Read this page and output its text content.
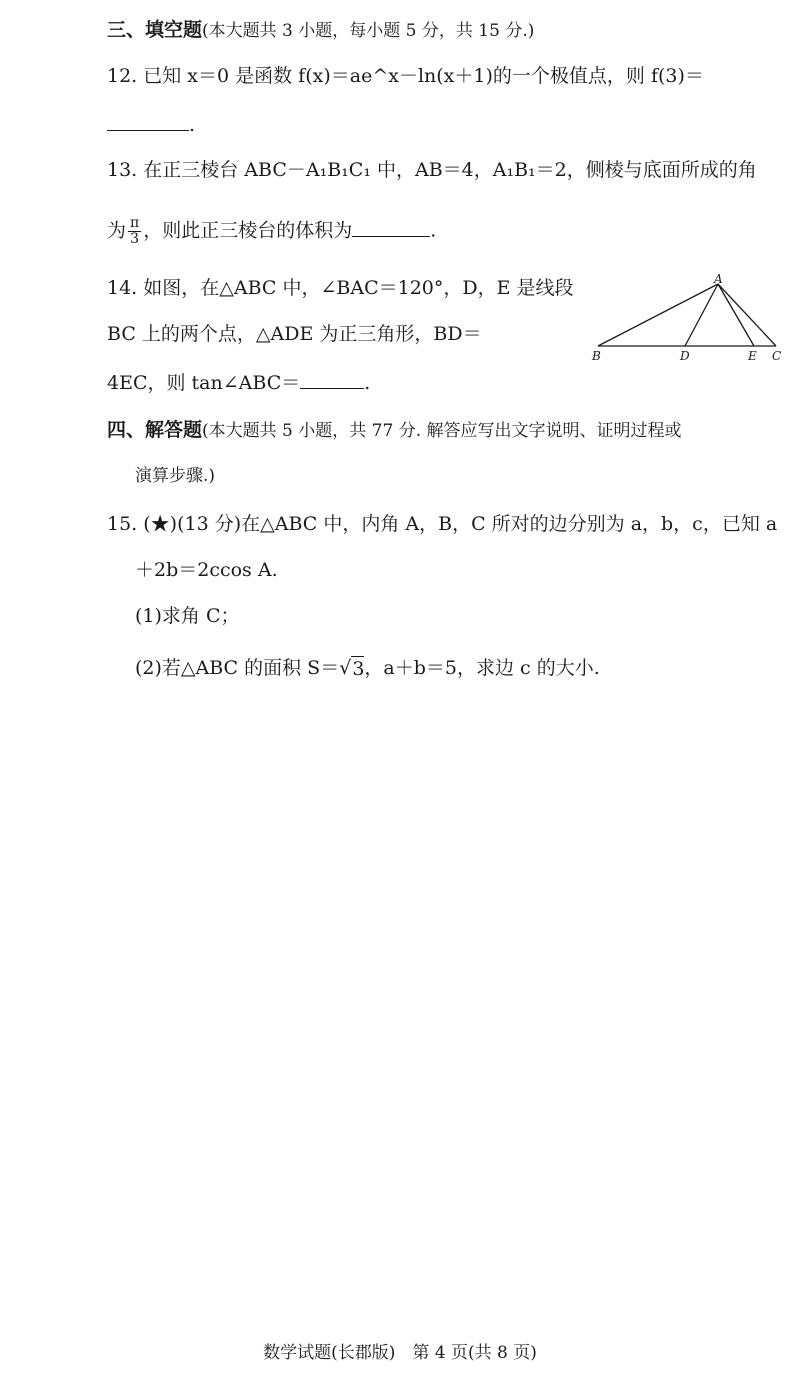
三、填空题(本大题共 3 小题，每小题 5 分，共 15 分.)
12. 已知 x＝0 是函数 f(x)＝ae^x－ln(x＋1)的一个极值点，则 f(3)＝
.
13. 在正三棱台 ABC－A₁B₁C₁ 中，AB＝4，A₁B₁＝2，侧棱与底面所成的角
为 $\frac{\pi}{3}$ ，则此正三棱台的体积为	.
14. 如图，在△ABC 中，∠BAC＝120°，D，E 是线段
BC 上的两个点，△ADE 为正三角形，BD＝
4EC，则 tan∠ABC＝	.
A
B	D	E C
四、解答题(本大题共 5 小题，共 77 分. 解答应写出文字说明、证明过程或
演算步骤.)
15. (★)(13 分)在△ABC 中，内角 A，B，C 所对的边分别为 a，b，c，已知 a
＋2b＝2ccos A.
(1)求角 C；
(2)若△ABC 的面积 S＝ √ 3 ，a＋b＝5，求边 c 的大小.
数学试题(长郡版)　第 4 页(共 8 页)
